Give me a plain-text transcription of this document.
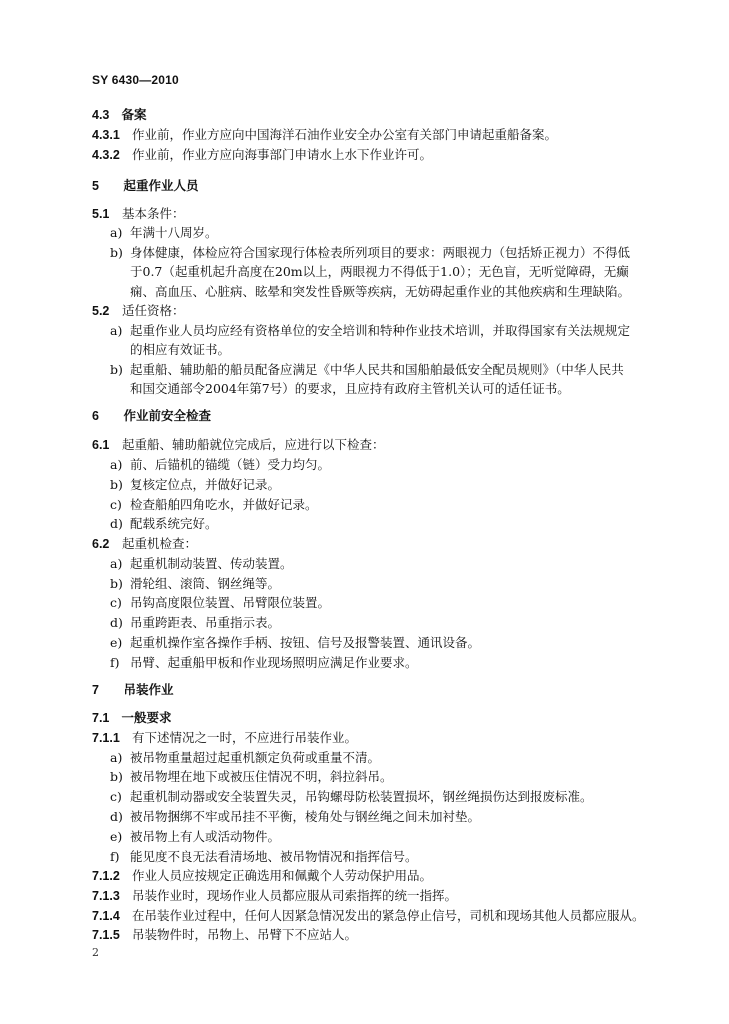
SY 6430—2010
4.3 备案
4.3.1 作业前，作业方应向中国海洋石油作业安全办公室有关部门申请起重船备案。
4.3.2 作业前，作业方应向海事部门申请水上水下作业许可。
5 起重作业人员
5.1 基本条件：
a) 年满十八周岁。
b) 身体健康，体检应符合国家现行体检表所列项目的要求：两眼视力（包括矫正视力）不得低
于0.7（起重机起升高度在20m以上，两眼视力不得低于1.0）；无色盲，无听觉障碍，无癫
痫、高血压、心脏病、眩晕和突发性昏厥等疾病，无妨碍起重作业的其他疾病和生理缺陷。
5.2 适任资格：
a) 起重作业人员均应经有资格单位的安全培训和特种作业技术培训，并取得国家有关法规规定
的相应有效证书。
b) 起重船、辅助船的船员配备应满足《中华人民共和国船舶最低安全配员规则》（中华人民共
和国交通部令2004年第7号）的要求，且应持有政府主管机关认可的适任证书。
6 作业前安全检查
6.1 起重船、辅助船就位完成后，应进行以下检查：
a) 前、后锚机的锚缆（链）受力均匀。
b) 复核定位点，并做好记录。
c) 检查船舶四角吃水，并做好记录。
d) 配载系统完好。
6.2 起重机检查：
a) 起重机制动装置、传动装置。
b) 滑轮组、滚筒、钢丝绳等。
c) 吊钩高度限位装置、吊臂限位装置。
d) 吊重跨距表、吊重指示表。
e) 起重机操作室各操作手柄、按钮、信号及报警装置、通讯设备。
f) 吊臂、起重船甲板和作业现场照明应满足作业要求。
7 吊装作业
7.1 一般要求
7.1.1 有下述情况之一时，不应进行吊装作业。
a) 被吊物重量超过起重机额定负荷或重量不清。
b) 被吊物埋在地下或被压住情况不明，斜拉斜吊。
c) 起重机制动器或安全装置失灵，吊钩螺母防松装置损坏，钢丝绳损伤达到报废标准。
d) 被吊物捆绑不牢或吊挂不平衡，棱角处与钢丝绳之间未加衬垫。
e) 被吊物上有人或活动物件。
f) 能见度不良无法看清场地、被吊物情况和指挥信号。
7.1.2 作业人员应按规定正确选用和佩戴个人劳动保护用品。
7.1.3 吊装作业时，现场作业人员都应服从司索指挥的统一指挥。
7.1.4 在吊装作业过程中，任何人因紧急情况发出的紧急停止信号，司机和现场其他人员都应服从。
7.1.5 吊装物件时，吊物上、吊臂下不应站人。
2
